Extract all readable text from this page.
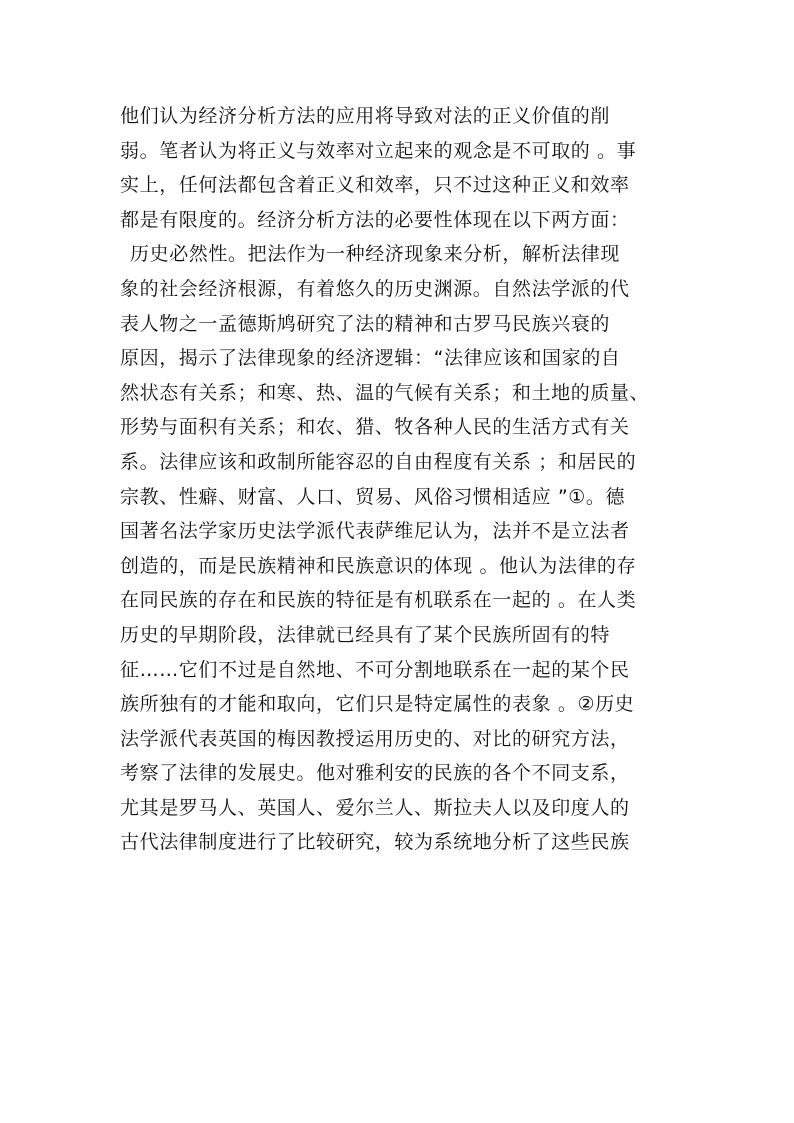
他们认为经济分析方法的应用将导致对法的正义价值的削
弱。笔者认为将正义与效率对立起来的观念是不可取的 。事
实上，任何法都包含着正义和效率，只不过这种正义和效率
都是有限度的。经济分析方法的必要性体现在以下两方面：
历史必然性。把法作为一种经济现象来分析，解析法律现
象的社会经济根源，有着悠久的历史渊源。自然法学派的代
表人物之一孟德斯鸠研究了法的精神和古罗马民族兴衰的
原因，揭示了法律现象的经济逻辑：“法律应该和国家的自
然状态有关系；和寒、热、温的气候有关系；和土地的质量、
形势与面积有关系；和农、猎、牧各种人民的生活方式有关
系。法律应该和政制所能容忍的自由程度有关系 ；和居民的
宗教、性癖、财富、人口、贸易、风俗习惯相适应 ”①。德
国著名法学家历史法学派代表萨维尼认为，法并不是立法者
创造的，而是民族精神和民族意识的体现 。他认为法律的存
在同民族的存在和民族的特征是有机联系在一起的 。在人类
历史的早期阶段，法律就已经具有了某个民族所固有的特
征……它们不过是自然地、不可分割地联系在一起的某个民
族所独有的才能和取向，它们只是特定属性的表象 。②历史
法学派代表英国的梅因教授运用历史的、对比的研究方法，
考察了法律的发展史。他对雅利安的民族的各个不同支系，
尤其是罗马人、英国人、爱尔兰人、斯拉夫人以及印度人的
古代法律制度进行了比较研究，较为系统地分析了这些民族
